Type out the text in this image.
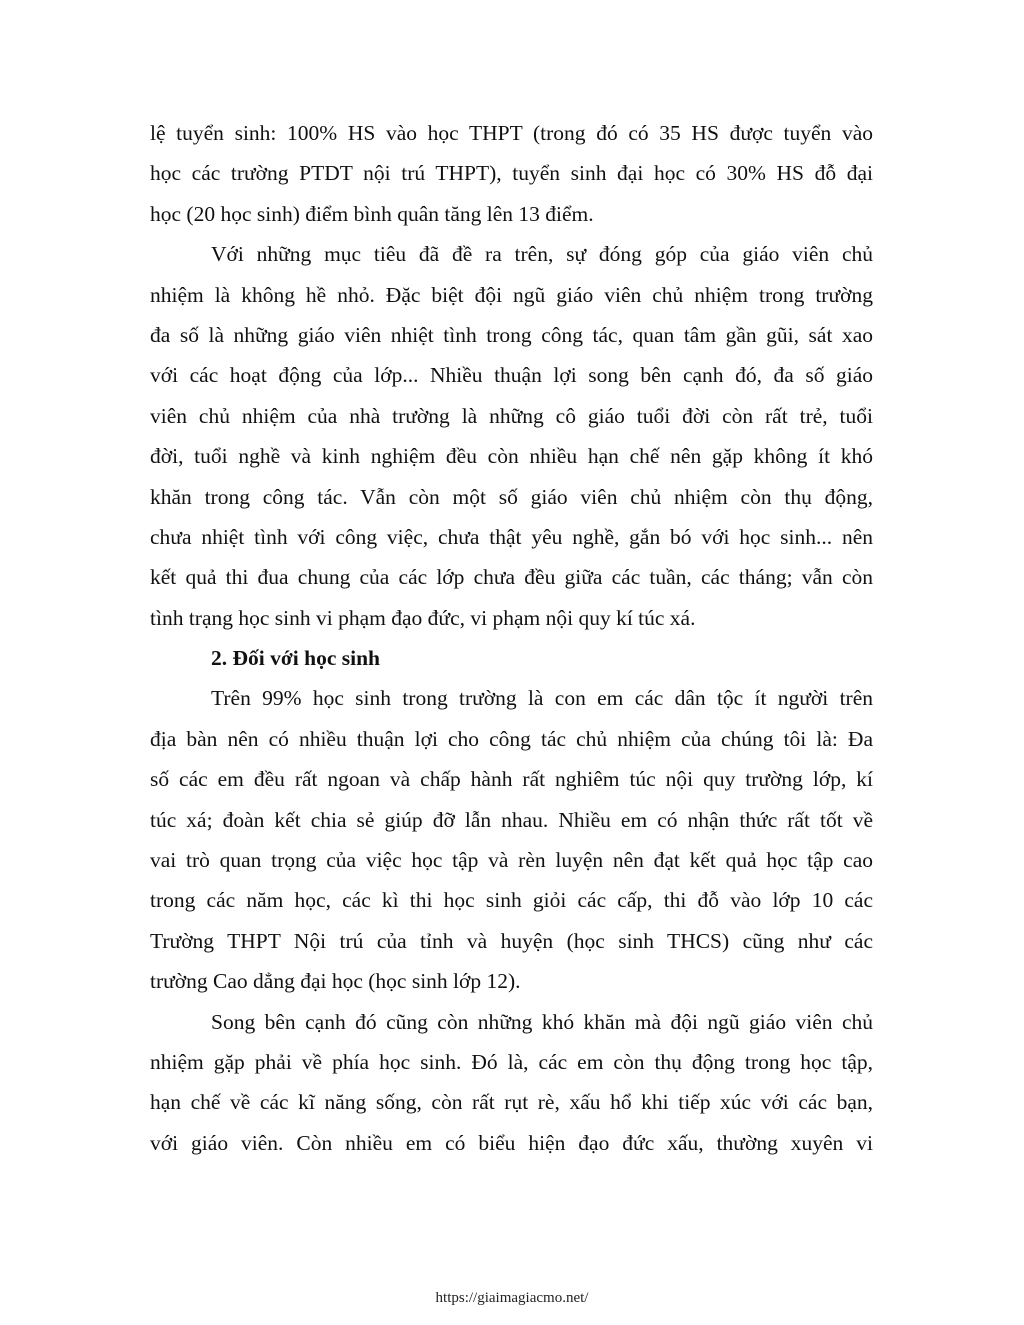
lệ tuyển sinh: 100% HS vào học THPT (trong đó có 35 HS được tuyển vào
học các trường PTDT nội trú THPT), tuyển sinh đại học có 30% HS đỗ đại
học (20 học sinh) điểm bình quân tăng lên 13 điểm.
Với những mục tiêu đã đề ra trên, sự đóng góp của giáo viên chủ
nhiệm là không hề nhỏ. Đặc biệt đội ngũ giáo viên chủ nhiệm trong trường
đa số là những giáo viên nhiệt tình trong công tác, quan tâm gần gũi, sát xao
với các hoạt động của lớp... Nhiều thuận lợi song bên cạnh đó, đa số giáo
viên chủ nhiệm của nhà trường là những cô giáo tuổi đời còn rất trẻ, tuổi
đời, tuổi nghề và kinh nghiệm đều còn nhiều hạn chế nên gặp không ít khó
khăn trong công tác. Vẫn còn một số giáo viên chủ nhiệm còn thụ động,
chưa nhiệt tình với công việc, chưa thật yêu nghề, gắn bó với học sinh... nên
kết quả thi đua chung của các lớp chưa đều giữa các tuần, các tháng; vẫn còn
tình trạng học sinh vi phạm đạo đức, vi phạm nội quy kí túc xá.
2. Đối với học sinh
Trên 99% học sinh trong trường là con em các dân tộc ít người trên
địa bàn nên có nhiều thuận lợi cho công tác chủ nhiệm của chúng tôi là: Đa
số các em đều rất ngoan và chấp hành rất nghiêm túc nội quy trường lớp, kí
túc xá; đoàn kết chia sẻ giúp đỡ lẫn nhau. Nhiều em có nhận thức rất tốt về
vai trò quan trọng của việc học tập và rèn luyện nên đạt kết quả học tập cao
trong các năm học, các kì thi học sinh giỏi các cấp, thi đỗ vào lớp 10 các
Trường THPT Nội trú của tỉnh và huyện (học sinh THCS) cũng như các
trường Cao dẳng đại học (học sinh lớp 12).
Song bên cạnh đó cũng còn những khó khăn mà đội ngũ giáo viên chủ
nhiệm gặp phải về phía học sinh. Đó là, các em còn thụ động trong học tập,
hạn chế về các kĩ năng sống, còn rất rụt rè, xấu hổ khi tiếp xúc với các bạn,
với giáo viên. Còn nhiều em có biểu hiện đạo đức xấu, thường xuyên vi
https://giaimagiacmo.net/
